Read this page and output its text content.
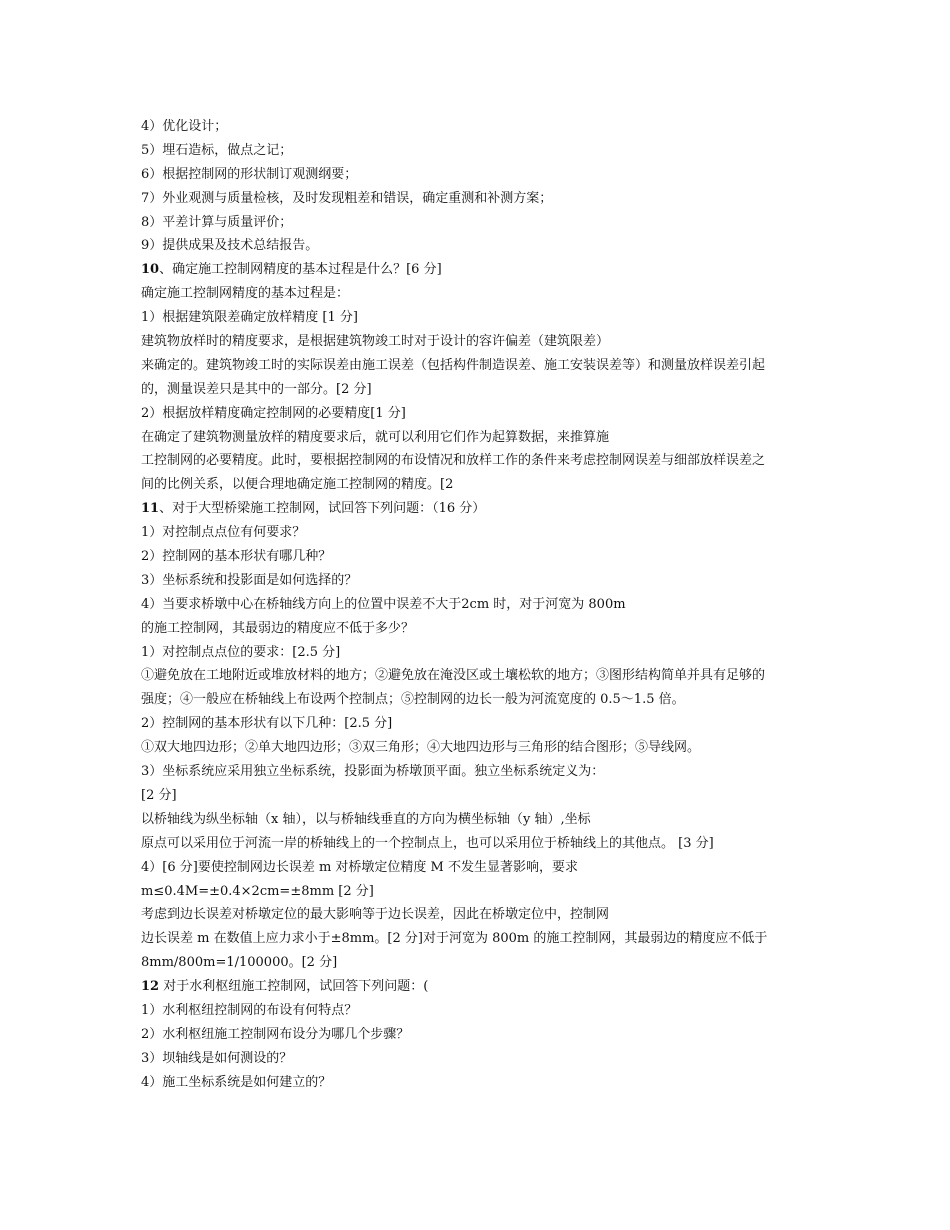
4）优化设计；
5）埋石造标，做点之记；
6）根据控制网的形状制订观测纲要；
7）外业观测与质量检核，及时发现粗差和错误，确定重测和补测方案；
8）平差计算与质量评价；
9）提供成果及技术总结报告。
10、确定施工控制网精度的基本过程是什么？[6 分]
确定施工控制网精度的基本过程是：
1）根据建筑限差确定放样精度 [1 分]
建筑物放样时的精度要求，是根据建筑物竣工时对于设计的容许偏差（建筑限差）
来确定的。建筑物竣工时的实际误差由施工误差（包括构件制造误差、施工安装误差等）和测量放样误差引起
的，测量误差只是其中的一部分。[2 分]
2）根据放样精度确定控制网的必要精度[1 分]
在确定了建筑物测量放样的精度要求后，就可以利用它们作为起算数据，来推算施
工控制网的必要精度。此时，要根据控制网的布设情况和放样工作的条件来考虑控制网误差与细部放样误差之
间的比例关系，以便合理地确定施工控制网的精度。[2
11、对于大型桥梁施工控制网，试回答下列问题：（16 分）
1）对控制点点位有何要求？
2）控制网的基本形状有哪几种？
3）坐标系统和投影面是如何选择的？
4）当要求桥墩中心在桥轴线方向上的位置中误差不大于2cm 时，对于河宽为 800m
的施工控制网，其最弱边的精度应不低于多少？
1）对控制点点位的要求：[2.5 分]
①避免放在工地附近或堆放材料的地方；②避免放在淹没区或土壤松软的地方；③图形结构简单并具有足够的
强度；④一般应在桥轴线上布设两个控制点；⑤控制网的边长一般为河流宽度的 0.5～1.5 倍。
2）控制网的基本形状有以下几种：[2.5 分]
①双大地四边形；②单大地四边形；③双三角形；④大地四边形与三角形的结合图形；⑤导线网。
3）坐标系统应采用独立坐标系统，投影面为桥墩顶平面。独立坐标系统定义为：
[2 分]
以桥轴线为纵坐标轴（x 轴），以与桥轴线垂直的方向为横坐标轴（y 轴）,坐标
原点可以采用位于河流一岸的桥轴线上的一个控制点上，也可以采用位于桥轴线上的其他点。 [3 分]
4）[6 分]要使控制网边长误差 m 对桥墩定位精度 M 不发生显著影响，要求
m≤0.4M=±0.4×2cm=±8mm [2 分]
考虑到边长误差对桥墩定位的最大影响等于边长误差，因此在桥墩定位中，控制网
边长误差 m 在数值上应力求小于±8mm。[2 分]对于河宽为 800m 的施工控制网，其最弱边的精度应不低于
8mm/800m=1/100000。[2 分]
12 对于水利枢纽施工控制网，试回答下列问题：(
1）水利枢纽控制网的布设有何特点？
2）水利枢纽施工控制网布设分为哪几个步骤？
3）坝轴线是如何测设的？
4）施工坐标系统是如何建立的？
